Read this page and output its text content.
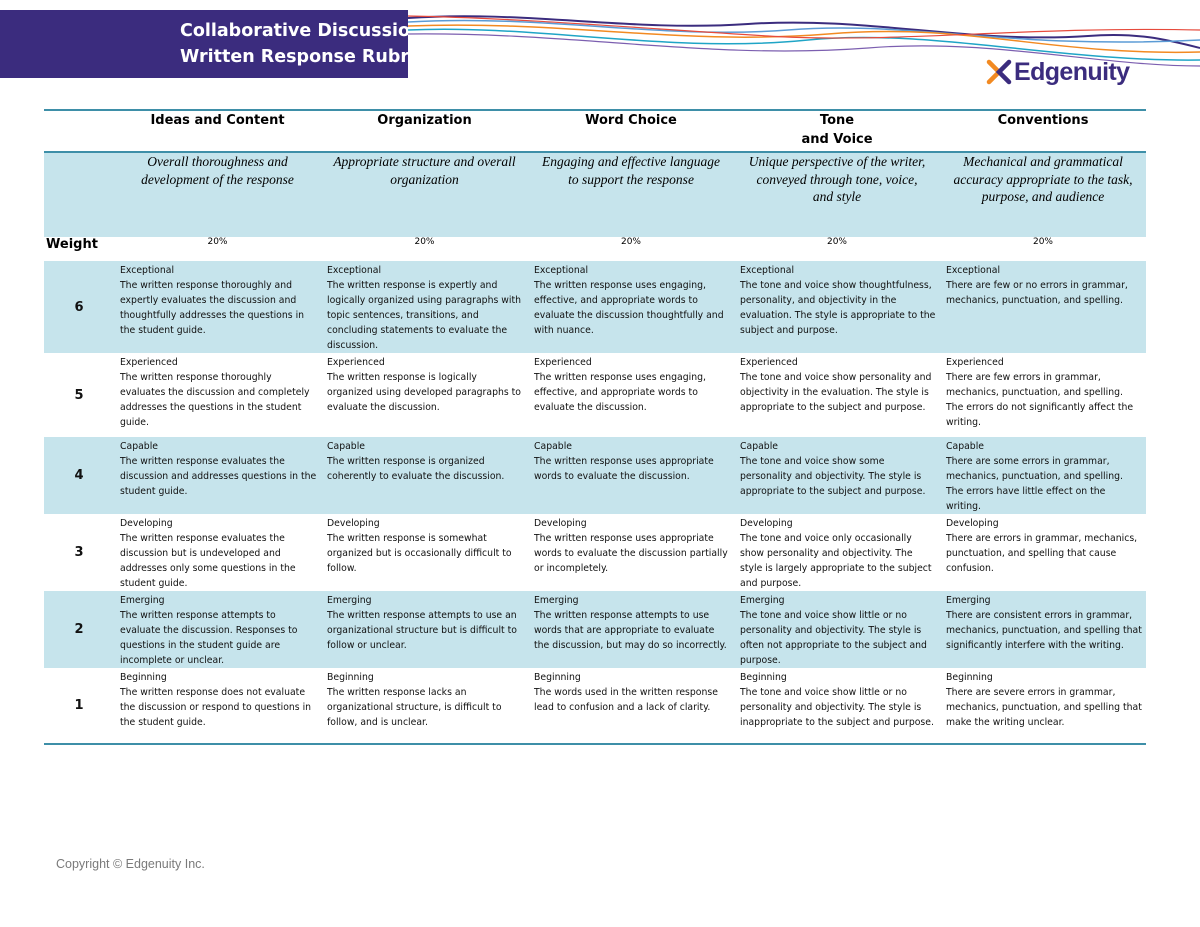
Collaborative Discussion
Written Response Rubric
Edgenuity
	Ideas and Content	Organization	Word Choice	Tone
and Voice	Conventions
	Overall thoroughness and development of the response	Appropriate structure and overall organization	Engaging and effective language to support the response	Unique perspective of the writer, conveyed through tone, voice, and style	Mechanical and grammatical accuracy appropriate to the task, purpose, and audience
Weight	20%	20%	20%	20%	20%
6	Exceptional
The written response thoroughly and expertly evaluates the discussion and thoughtfully addresses the questions in the student guide.	Exceptional
The written response is expertly and logically organized using paragraphs with topic sentences, transitions, and concluding statements to evaluate the discussion.	Exceptional
The written response uses engaging, effective, and appropriate words to evaluate the discussion thoughtfully and with nuance.	Exceptional
The tone and voice show thoughtfulness, personality, and objectivity in the evaluation. The style is appropriate to the subject and purpose.	Exceptional
There are few or no errors in grammar, mechanics, punctuation, and spelling.
5	Experienced
The written response thoroughly evaluates the discussion and completely addresses the questions in the student guide.	Experienced
The written response is logically organized using developed paragraphs to evaluate the discussion.	Experienced
The written response uses engaging, effective, and appropriate words to evaluate the discussion.	Experienced
The tone and voice show personality and objectivity in the evaluation. The style is appropriate to the subject and purpose.	Experienced
There are few errors in grammar, mechanics, punctuation, and spelling. The errors do not significantly affect the writing.
4	Capable
The written response evaluates the discussion and addresses questions in the student guide.	Capable
The written response is organized coherently to evaluate the discussion.	Capable
The written response uses appropriate words to evaluate the discussion.	Capable
The tone and voice show some personality and objectivity. The style is appropriate to the subject and purpose.	Capable
There are some errors in grammar, mechanics, punctuation, and spelling. The errors have little effect on the writing.
3	Developing
The written response evaluates the discussion but is undeveloped and addresses only some questions in the student guide.	Developing
The written response is somewhat organized but is occasionally difficult to follow.	Developing
The written response uses appropriate words to evaluate the discussion partially or incompletely.	Developing
The tone and voice only occasionally show personality and objectivity. The style is largely appropriate to the subject and purpose.	Developing
There are errors in grammar, mechanics, punctuation, and spelling that cause confusion.
2	Emerging
The written response attempts to evaluate the discussion. Responses to questions in the student guide are incomplete or unclear.	Emerging
The written response attempts to use an organizational structure but is difficult to follow or unclear.	Emerging
The written response attempts to use words that are appropriate to evaluate the discussion, but may do so incorrectly.	Emerging
The tone and voice show little or no personality and objectivity. The style is often not appropriate to the subject and purpose.	Emerging
There are consistent errors in grammar, mechanics, punctuation, and spelling that significantly interfere with the writing.
1	Beginning
The written response does not evaluate the discussion or respond to questions in the student guide.	Beginning
The written response lacks an organizational structure, is difficult to follow, and is unclear.	Beginning
The words used in the written response lead to confusion and a lack of clarity.	Beginning
The tone and voice show little or no personality and objectivity. The style is inappropriate to the subject and purpose.	Beginning
There are severe errors in grammar, mechanics, punctuation, and spelling that make the writing unclear.
Copyright © Edgenuity Inc.
